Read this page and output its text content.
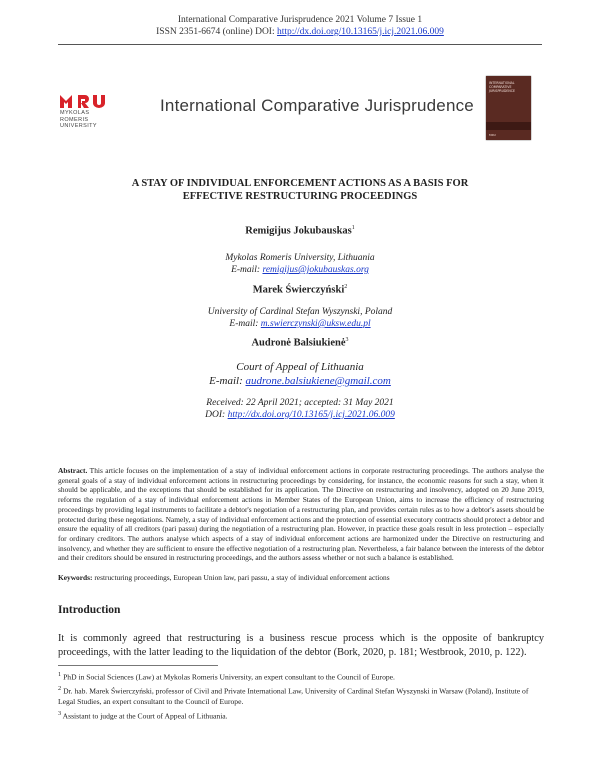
International Comparative Jurisprudence 2021 Volume 7 Issue 1
ISSN 2351-6674 (online) DOI: http://dx.doi.org/10.13165/j.icj.2021.06.009
MYKOLAS ROMERIS
UNIVERSITY
International Comparative Jurisprudence
INTERNATIONAL
COMPARATIVE
JURISPRUDENCE
MRU
A STAY OF INDIVIDUAL ENFORCEMENT ACTIONS AS A BASIS FOR
EFFECTIVE RESTRUCTURING PROCEEDINGS
Remigijus Jokubauskas$^1$
Mykolas Romeris University, Lithuania
E-mail: remigijus@jokubauskas.org
Marek Świerczyński$^2$
University of Cardinal Stefan Wyszynski, Poland
E-mail: m.swierczynski@uksw.edu.pl
Audronė Balsiukienė$^3$
Court of Appeal of Lithuania
E-mail: audrone.balsiukiene@gmail.com
Received: 22 April 2021; accepted: 31 May 2021
DOI: http://dx.doi.org/10.13165/j.icj.2021.06.009
Abstract. This article focuses on the implementation of a stay of individual enforcement actions in corporate restructuring proceedings. The authors analyse the general goals of a stay of individual enforcement actions in restructuring proceedings by considering, for instance, the economic reasons for such a stay, when it should be applicable, and the exceptions that should be established for its application. The Directive on restructuring and insolvency, adopted on 20 June 2019, reforms the regulation of a stay of individual enforcement actions in Member States of the European Union, aims to increase the efficiency of restructuring proceedings by providing legal instruments to facilitate a debtor's negotiation of a restructuring plan, and provides certain rules as to how a debtor's assets should be protected during these negotiations. Namely, a stay of individual enforcement actions and the protection of essential executory contracts should protect a debtor and ensure the equality of all creditors (pari passu) during the negotiation of a restructuring plan. However, in practice these goals result in less protection – especially for ordinary creditors. The authors analyse which aspects of a stay of individual enforcement actions are harmonized under the Directive on restructuring and insolvency, and whether they are sufficient to ensure the effective negotiation of a restructuring plan. Nevertheless, a fair balance between the interests of the debtor and their creditors should be ensured in restructuring proceedings, and the authors assess whether or not such a balance is established.
Keywords: restructuring proceedings, European Union law, pari passu, a stay of individual enforcement actions
Introduction
It is commonly agreed that restructuring is a business rescue process which is the opposite of bankruptcy proceedings, with the latter leading to the liquidation of the debtor (Bork, 2020, p. 181; Westbrook, 2010, p. 122).

$^1$ PhD in Social Sciences (Law) at Mykolas Romeris University, an expert consultant to the Council of Europe.

$^2$ Dr. hab. Marek Świerczyński, professor of Civil and Private International Law, University of Cardinal Stefan Wyszynski in Warsaw (Poland), Institute of Legal Studies, an expert consultant to the Council of Europe.

$^3$ Assistant to judge at the Court of Appeal of Lithuania.
